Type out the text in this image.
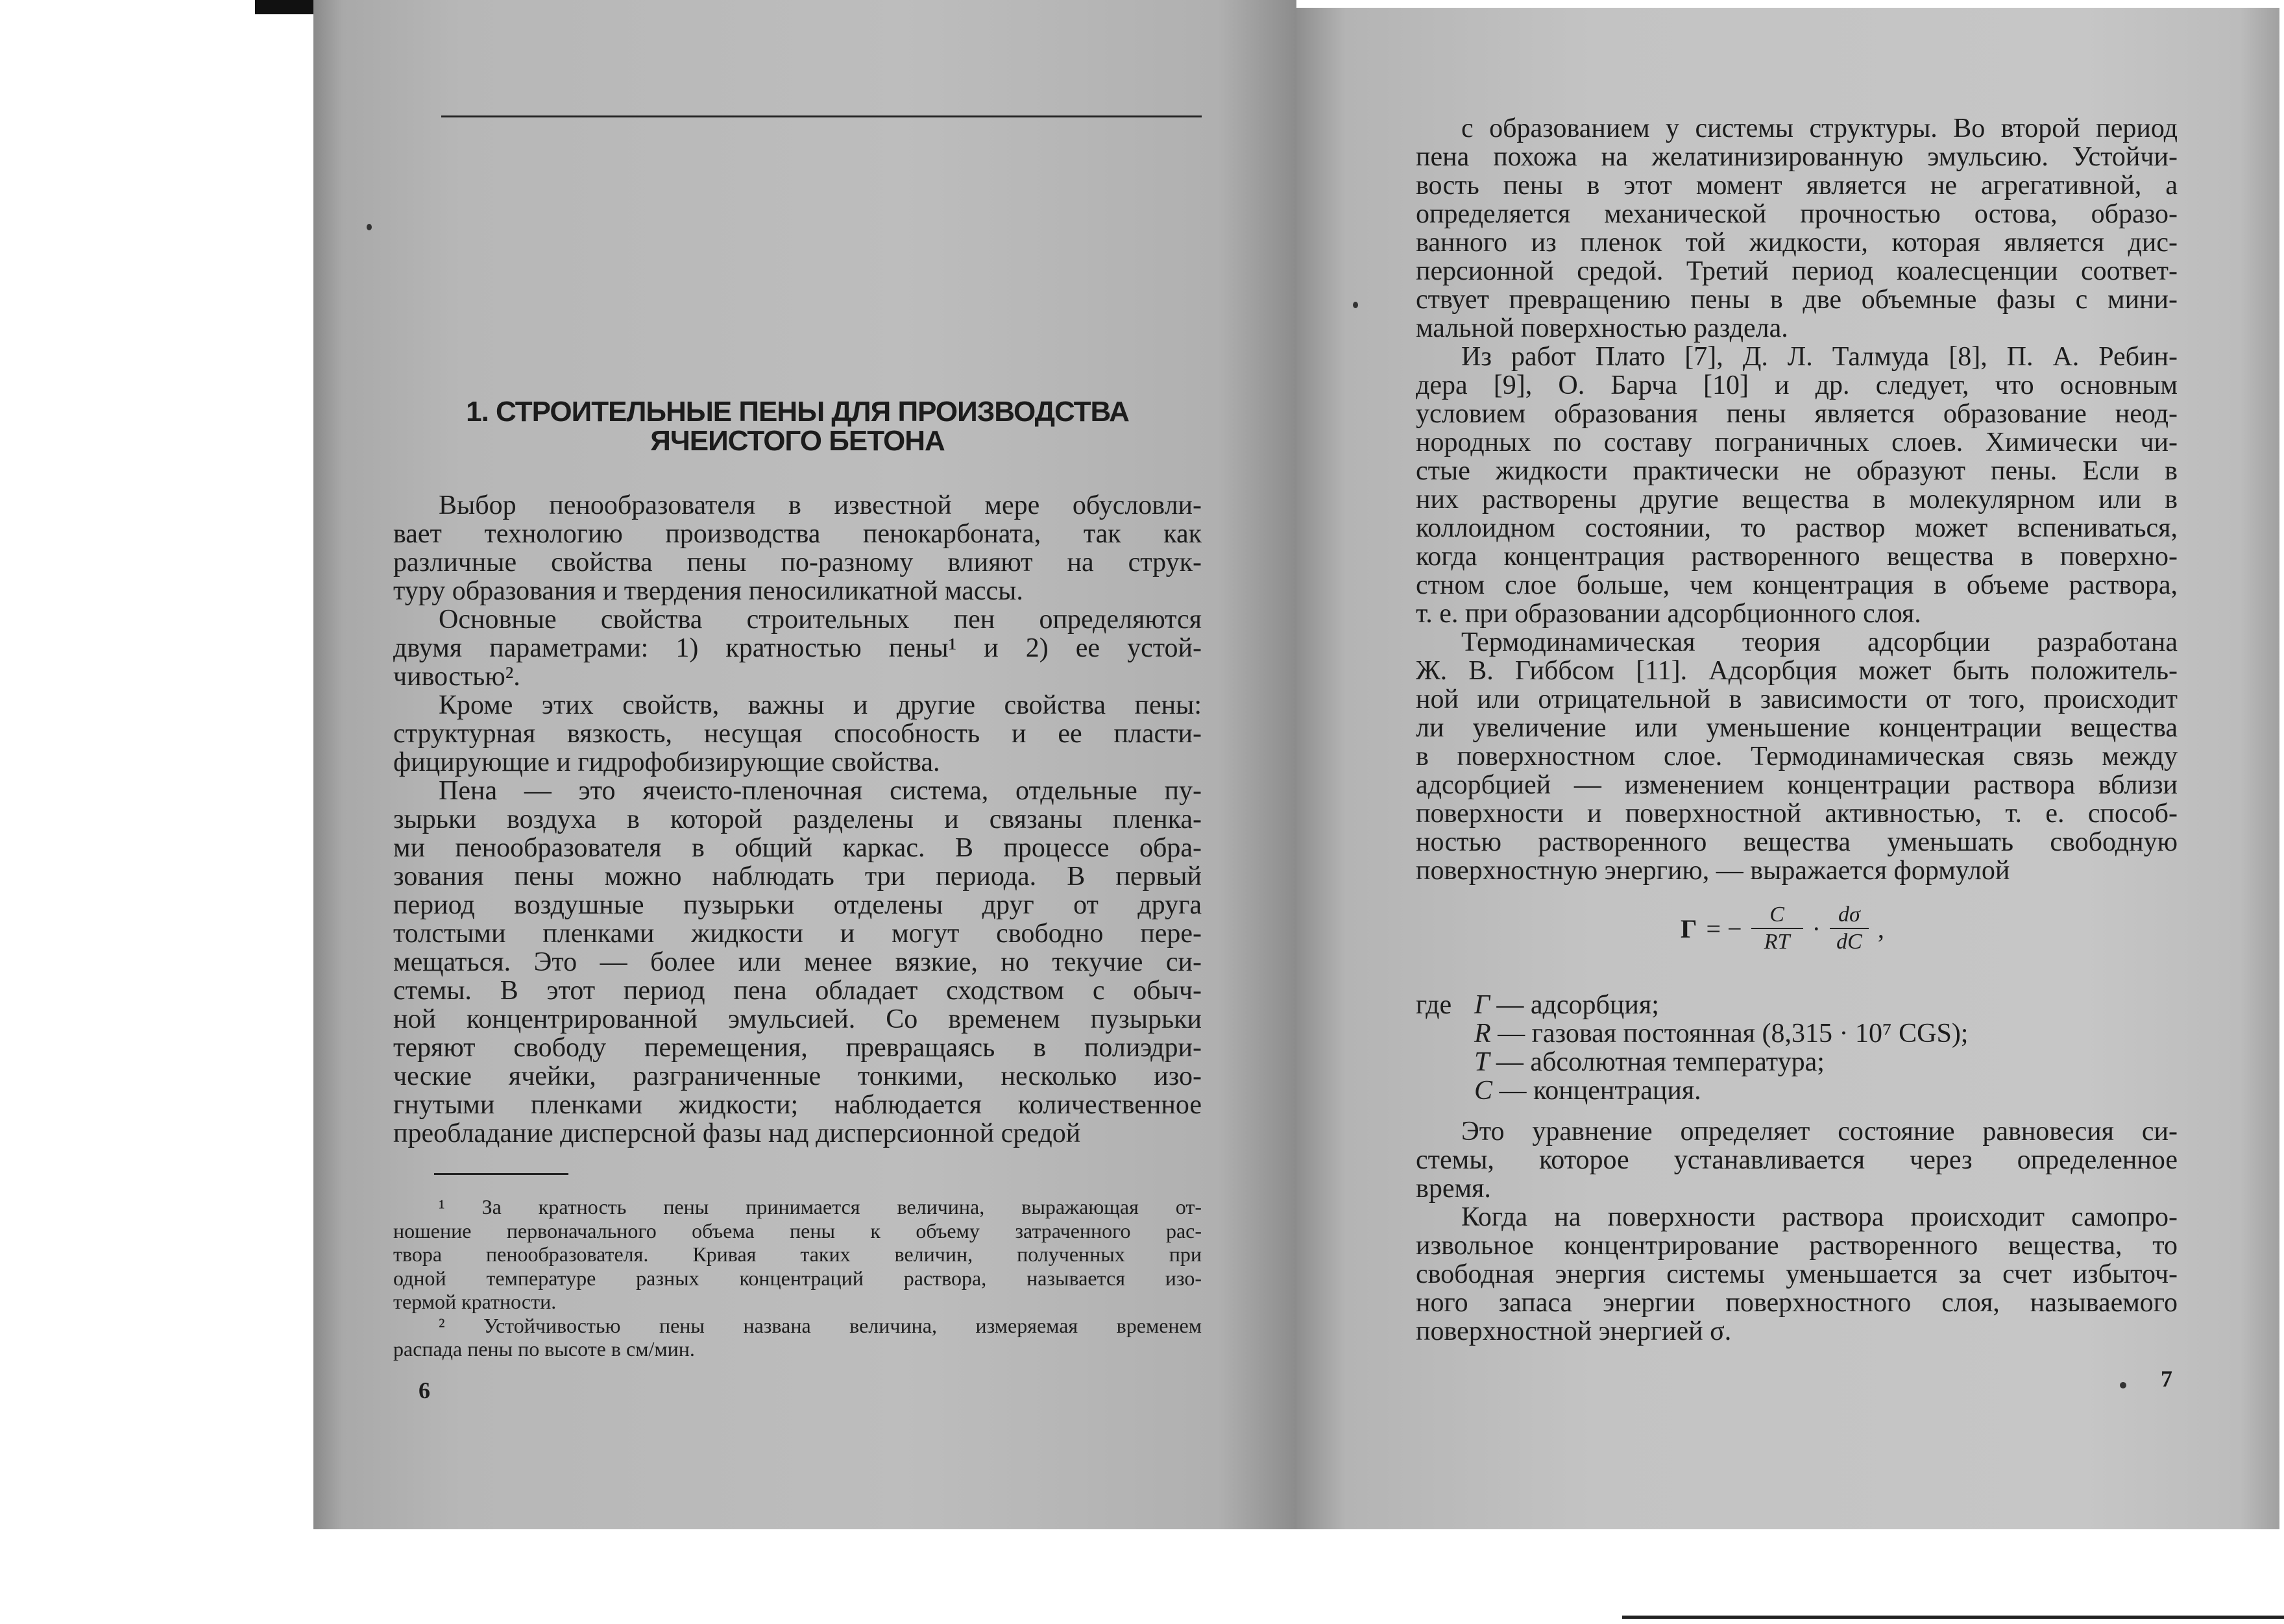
1. СТРОИТЕЛЬНЫЕ ПЕНЫ ДЛЯ ПРОИЗВОДСТВА
ЯЧЕИСТОГО БЕТОНА
Выбор пенообразователя в известной мере обусловли-
вает технологию производства пенокарбоната, так как
различные свойства пены по-разному влияют на струк-
туру образования и твердения пеносиликатной массы.
Основные свойства строительных пен определяются
двумя параметрами: 1) кратностью пены¹ и 2) ее устой-
чивостью².
Кроме этих свойств, важны и другие свойства пены:
структурная вязкость, несущая способность и ее пласти-
фицирующие и гидрофобизирующие свойства.
Пена — это ячеисто-пленочная система, отдельные пу-
зырьки воздуха в которой разделены и связаны пленка-
ми пенообразователя в общий каркас. В процессе обра-
зования пены можно наблюдать три периода. В первый
период воздушные пузырьки отделены друг от друга
толстыми пленками жидкости и могут свободно пере-
мещаться. Это — более или менее вязкие, но текучие си-
стемы. В этот период пена обладает сходством с обыч-
ной концентрированной эмульсией. Со временем пузырьки
теряют свободу перемещения, превращаясь в полиэдри-
ческие ячейки, разграниченные тонкими, несколько изо-
гнутыми пленками жидкости; наблюдается количественное
преобладание дисперсной фазы над дисперсионной средой
¹ За кратность пены принимается величина, выражающая от-
ношение первоначального объема пены к объему затраченного рас-
твора пенообразователя. Кривая таких величин, полученных при
одной температуре разных концентраций раствора, называется изо-
термой кратности.
² Устойчивостью пены названа величина, измеряемая временем
распада пены по высоте в см/мин.
6
с образованием у системы структуры. Во второй период
пена похожа на желатинизированную эмульсию. Устойчи-
вость пены в этот момент является не агрегативной, а
определяется механической прочностью остова, образо-
ванного из пленок той жидкости, которая является дис-
персионной средой. Третий период коалесценции соответ-
ствует превращению пены в две объемные фазы с мини-
мальной поверхностью раздела.
Из работ Плато [7], Д. Л. Талмуда [8], П. А. Ребин-
дера [9], О. Барча [10] и др. следует, что основным
условием образования пены является образование неод-
нородных по составу пограничных слоев. Химически чи-
стые жидкости практически не образуют пены. Если в
них растворены другие вещества в молекулярном или в
коллоидном состоянии, то раствор может вспениваться,
когда концентрация растворенного вещества в поверхно-
стном слое больше, чем концентрация в объеме раствора,
т. е. при образовании адсорбционного слоя.
Термодинамическая теория адсорбции разработана
Ж. В. Гиббсом [11]. Адсорбция может быть положитель-
ной или отрицательной в зависимости от того, происходит
ли увеличение или уменьшение концентрации вещества
в поверхностном слое. Термодинамическая связь между
адсорбцией — изменением концентрации раствора вблизи
поверхности и поверхностной активностью, т. е. способ-
ностью растворенного вещества уменьшать свободную
поверхностную энергию, — выражается формулой
Г = − $\frac{C}{RT} \cdot \frac{d\sigma}{dC}$ ,
где Г — адсорбция;
R — газовая постоянная (8,315 · 10⁷ CGS);
T — абсолютная температура;
C — концентрация.
Это уравнение определяет состояние равновесия си-
стемы, которое устанавливается через определенное
время.
Когда на поверхности раствора происходит самопро-
извольное концентрирование растворенного вещества, то
свободная энергия системы уменьшается за счет избыточ-
ного запаса энергии поверхностного слоя, называемого
поверхностной энергией σ.
7
